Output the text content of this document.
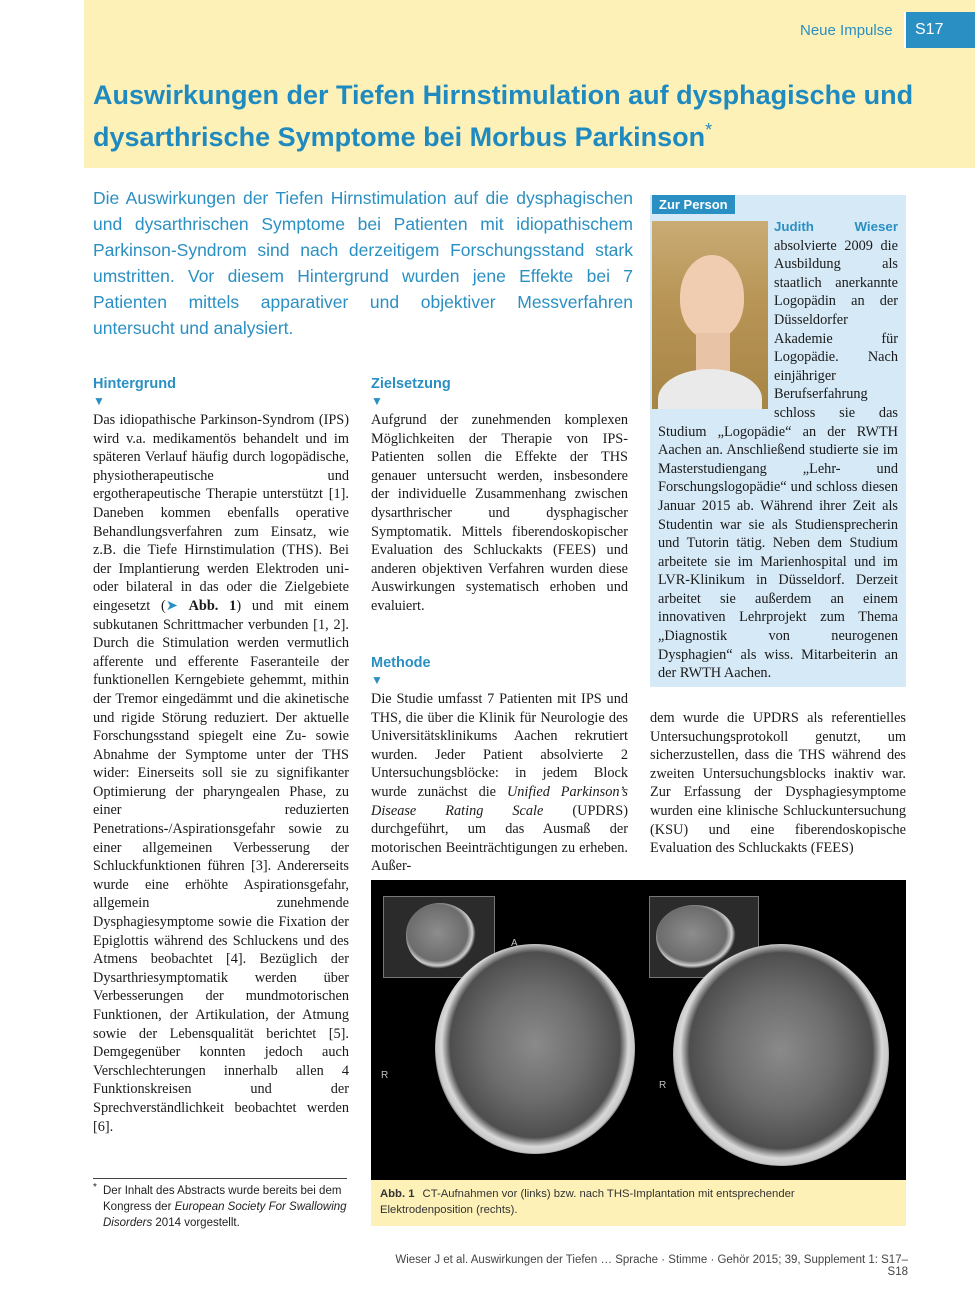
Neue Impulse	S17
Auswirkungen der Tiefen Hirnstimulation auf dysphagische und dysarthrische Symptome bei Morbus Parkinson*

Die Auswirkungen der Tiefen Hirnstimulation auf die dysphagischen und dysarthrischen Symptome bei Patienten mit idiopathischem Parkinson-Syndrom sind nach derzeitigem Forschungsstand stark umstritten. Vor diesem Hintergrund wurden jene Effekte bei 7 Patienten mittels apparativer und objektiver Messverfahren untersucht und analysiert.

Hintergrund
▼

Das idiopathische Parkinson-Syndrom (IPS) wird v.a. medikamentös behandelt und im späteren Verlauf häufig durch logopädische, physiotherapeutische und ergotherapeutische Therapie unterstützt [1]. Daneben kommen ebenfalls operative Behandlungsverfahren zum Einsatz, wie z.B. die Tiefe Hirnstimulation (THS). Bei der Implantierung werden Elektroden uni- oder bilateral in das oder die Zielgebiete eingesetzt (➤ Abb. 1) und mit einem subkutanen Schrittmacher verbunden [1, 2]. Durch die Stimulation werden vermutlich afferente und efferente Faseranteile der funktionellen Kerngebiete gehemmt, mithin der Tremor eingedämmt und die akinetische und rigide Störung reduziert. Der aktuelle Forschungsstand spiegelt eine Zu- sowie Abnahme der Symptome unter der THS wider: Einerseits soll sie zu signifikanter Optimierung der pharyngealen Phase, zu einer reduzierten Penetrations-/Aspirationsgefahr sowie zu einer allgemeinen Verbesserung der Schluckfunktionen führen [3]. Andererseits wurde eine erhöhte Aspirationsgefahr, allgemein zunehmende Dysphagiesymptome sowie die Fixation der Epiglottis während des Schluckens und des Atmens beobachtet [4]. Bezüglich der Dysarthriesymptomatik werden über Verbesserungen der mundmotorischen Funktionen, der Artikulation, der Atmung sowie der Lebensqualität berichtet [5]. Demgegenüber konnten jedoch auch Verschlechterungen innerhalb allen 4 Funktionskreisen und der Sprechverständlichkeit beobachtet werden [6].

Zielsetzung
▼

Aufgrund der zunehmenden komplexen Möglichkeiten der Therapie von IPS-Patienten sollen die Effekte der THS genauer untersucht werden, insbesondere der individuelle Zusammenhang zwischen dysarthrischer und dysphagischer Symptomatik. Mittels fiberendoskopischer Evaluation des Schluckakts (FEES) und anderen objektiven Verfahren wurden diese Auswirkungen systematisch erhoben und evaluiert.

Methode
▼

Die Studie umfasst 7 Patienten mit IPS und THS, die über die Klinik für Neurologie des Universitätsklinikums Aachen rekrutiert wurden. Jeder Patient absolvierte 2 Untersuchungsblöcke: in jedem Block wurde zunächst die Unified Parkinson’s Disease Rating Scale (UPDRS) durchgeführt, um das Ausmaß der motorischen Beeinträchtigungen zu erheben. Außer-

Zur Person
Judith Wieser absolvierte 2009 die Ausbildung als staatlich anerkannte Logopädin an der Düsseldorfer Akademie für Logopädie. Nach einjähriger Berufserfahrung schloss sie das Studium „Logopädie“ an der RWTH Aachen an. Anschließend studierte sie im Masterstudiengang „Lehr- und Forschungslogopädie“ und schloss diesen Januar 2015 ab. Während ihrer Zeit als Studentin war sie als Studiensprecherin und Tutorin tätig. Neben dem Studium arbeitete sie im Marienhospital und im LVR-Klinikum in Düsseldorf. Derzeit arbeitet sie außerdem an einem innovativen Lehrprojekt zum Thema „Diagnostik von neurogenen Dysphagien“ als wiss. Mitarbeiterin an der RWTH Aachen.

dem wurde die UPDRS als referentielles Untersuchungsprotokoll genutzt, um sicherzustellen, dass die THS während des zweiten Untersuchungsblocks inaktiv war. Zur Erfassung der Dysphagiesymptome wurden eine klinische Schluckuntersuchung (KSU) und eine fiberendoskopische Evaluation des Schluckakts (FEES)

R
R
A

Abb. 1 CT-Aufnahmen vor (links) bzw. nach THS-Implantation mit entsprechender Elektrodenposition (rechts).

* Der Inhalt des Abstracts wurde bereits bei dem Kongress der European Society For Swallowing Disorders 2014 vorgestellt.

Wieser J et al. Auswirkungen der Tiefen … Sprache · Stimme · Gehör 2015; 39, Supplement 1: S17–S18
